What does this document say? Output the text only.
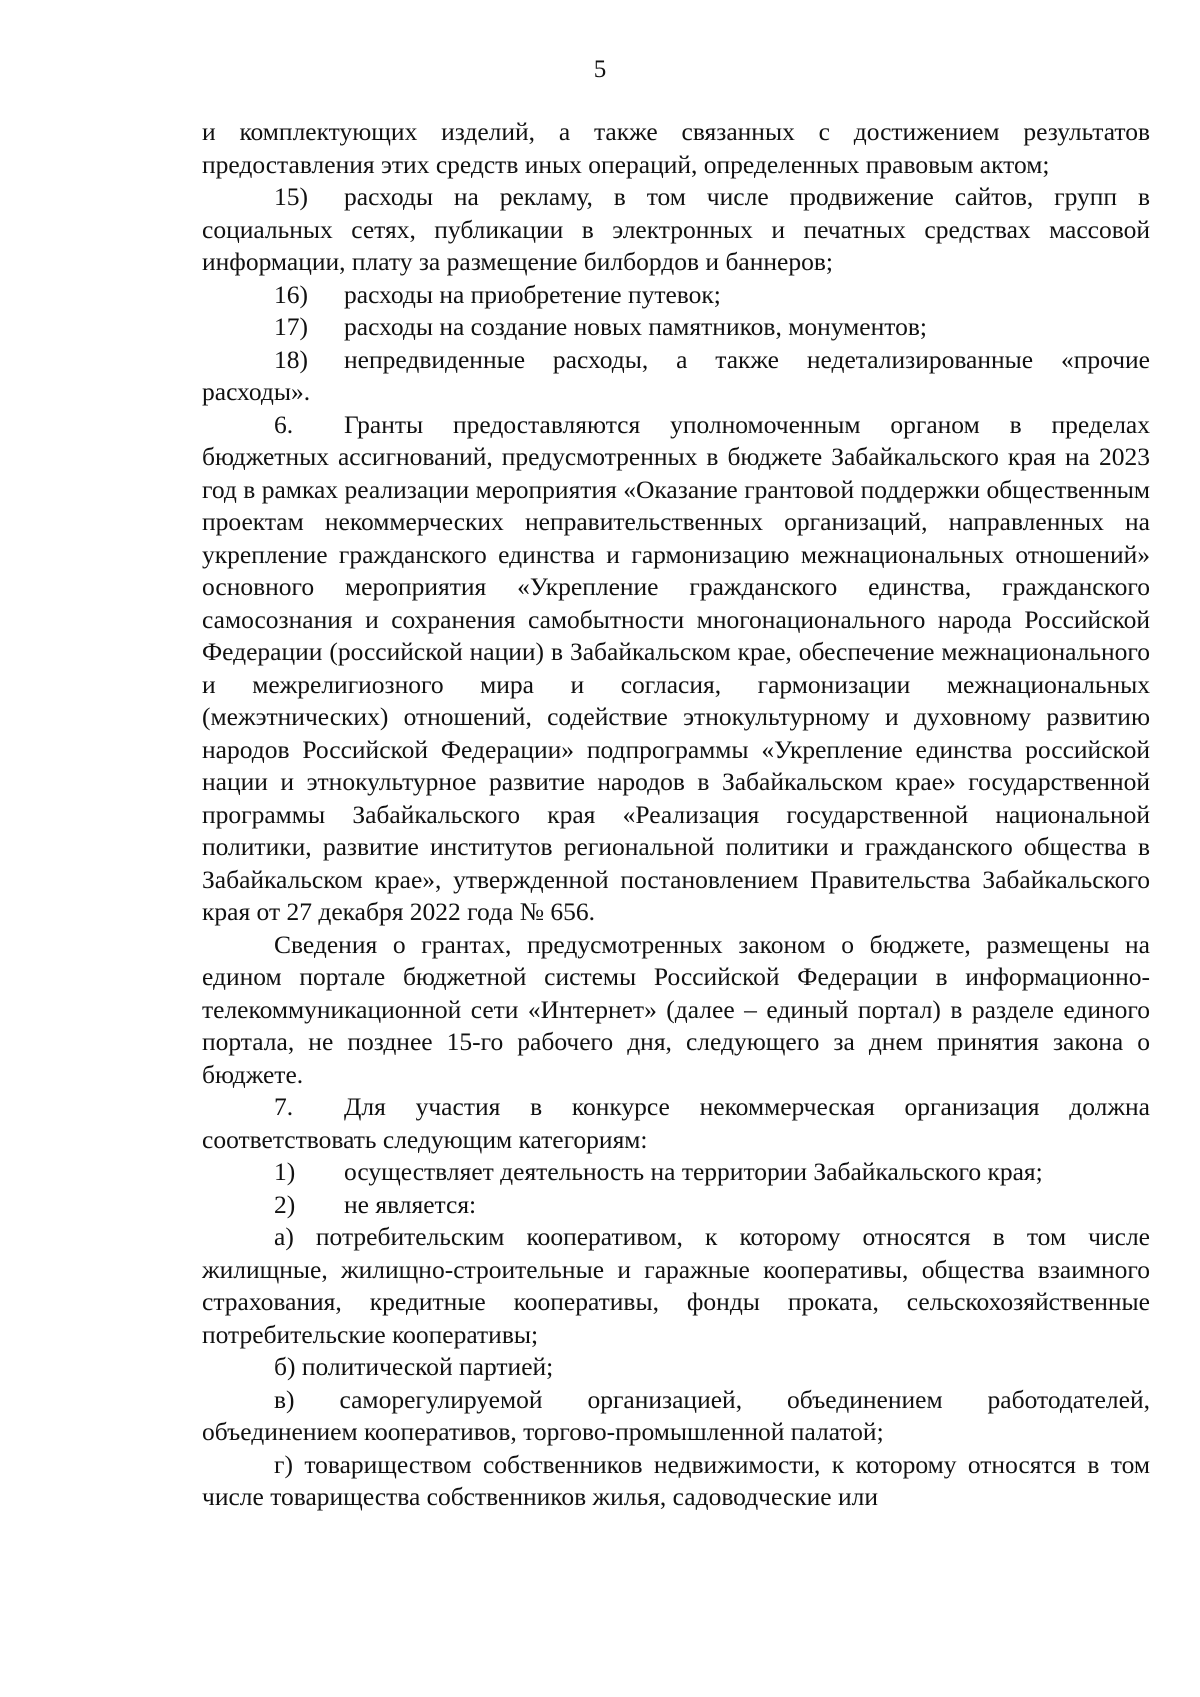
5

и комплектующих изделий, а также связанных с достижением результатов предоставления этих средств иных операций, определенных правовым актом;

15) расходы на рекламу, в том числе продвижение сайтов, групп в социальных сетях, публикации в электронных и печатных средствах массовой информации, плату за размещение билбордов и баннеров;

16) расходы на приобретение путевок;

17) расходы на создание новых памятников, монументов;

18) непредвиденные расходы, а также недетализированные «прочие расходы».

6. Гранты предоставляются уполномоченным органом в пределах бюджетных ассигнований, предусмотренных в бюджете Забайкальского края на 2023 год в рамках реализации мероприятия «Оказание грантовой поддержки общественным проектам некоммерческих неправительственных организаций, направленных на укрепление гражданского единства и гармонизацию межнациональных отношений» основного мероприятия «Укрепление гражданского единства, гражданского самосознания и сохранения самобытности многонационального народа Российской Федерации (российской нации) в Забайкальском крае, обеспечение межнационального и межрелигиозного мира и согласия, гармонизации межнациональных (межэтнических) отношений, содействие этнокультурному и духовному развитию народов Российской Федерации» подпрограммы «Укрепление единства российской нации и этнокультурное развитие народов в Забайкальском крае» государственной программы Забайкальского края «Реализация государственной национальной политики, развитие институтов региональной политики и гражданского общества в Забайкальском крае», утвержденной постановлением Правительства Забайкальского края от 27 декабря 2022 года № 656.

Сведения о грантах, предусмотренных законом о бюджете, размещены на едином портале бюджетной системы Российской Федерации в информационно-телекоммуникационной сети «Интернет» (далее – единый портал) в разделе единого портала, не позднее 15-го рабочего дня, следующего за днем принятия закона о бюджете.

7. Для участия в конкурсе некоммерческая организация должна соответствовать следующим категориям:

1) осуществляет деятельность на территории Забайкальского края;

2) не является:

а) потребительским кооперативом, к которому относятся в том числе жилищные, жилищно-строительные и гаражные кооперативы, общества взаимного страхования, кредитные кооперативы, фонды проката, сельскохозяйственные потребительские кооперативы;

б) политической партией;

в) саморегулируемой организацией, объединением работодателей, объединением кооперативов, торгово-промышленной палатой;

г) товариществом собственников недвижимости, к которому относятся в том числе товарищества собственников жилья, садоводческие или
